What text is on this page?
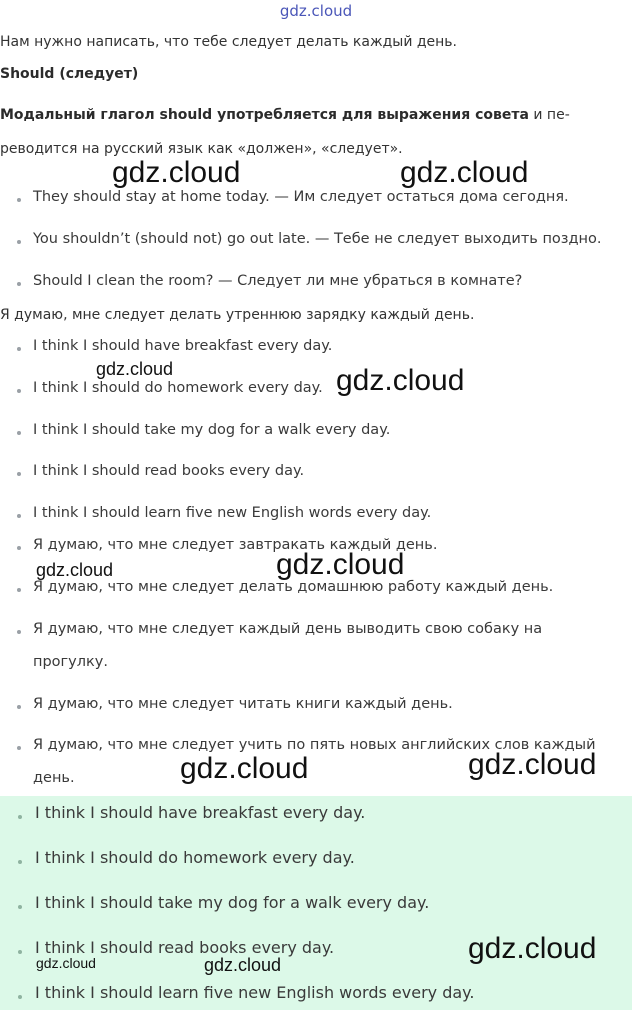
gdz.cloud
Нам нужно написать, что тебе следует делать каждый день.
Should (следует)
Модальный глагол should употребляется для выражения совета и пе-
реводится на русский язык как «должен», «следует».
They should stay at home today. — Им следует остаться дома сегодня.
You shouldn’t (should not) go out late. — Тебе не следует выходить поздно.
Should I clean the room? — Следует ли мне убраться в комнате?
Я думаю, мне следует делать утреннюю зарядку каждый день.
I think I should have breakfast every day.
I think I should do homework every day.
I think I should take my dog for a walk every day.
I think I should read books every day.
I think I should learn five new English words every day.
Я думаю, что мне следует завтракать каждый день.
Я думаю, что мне следует делать домашнюю работу каждый день.
Я думаю, что мне следует каждый день выводить свою собаку на
прогулку.
Я думаю, что мне следует читать книги каждый день.
Я думаю, что мне следует учить по пять новых английских слов каждый
день.
I think I should have breakfast every day.
I think I should do homework every day.
I think I should take my dog for a walk every day.
I think I should read books every day.
I think I should learn five new English words every day.
gdz.cloud	gdz.cloud
gdz.cloud	gdz.cloud
gdz.cloud	gdz.cloud
gdz.cloud	gdz.cloud
gdz.cloud
gdz.cloud	gdz.cloud
